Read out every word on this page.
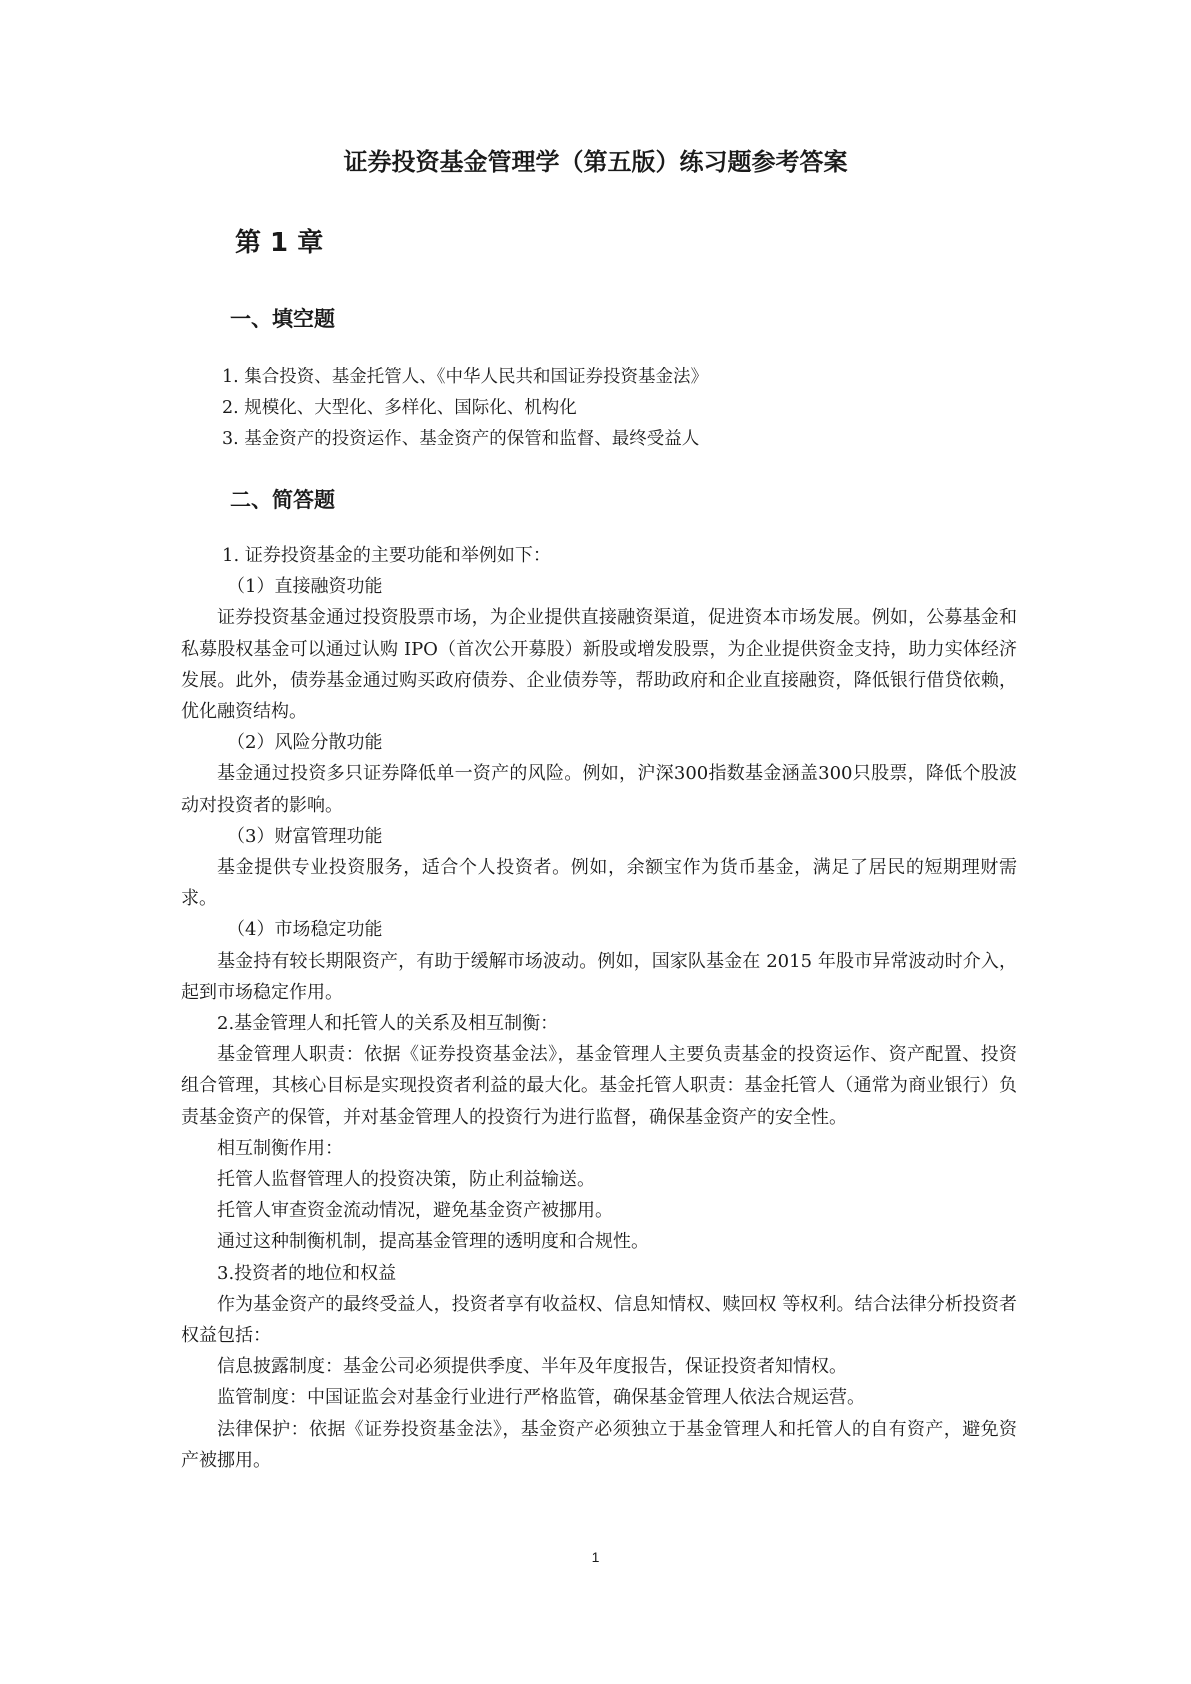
证券投资基金管理学（第五版）练习题参考答案
第 1 章
一、填空题
1. 集合投资、基金托管人、《中华人民共和国证券投资基金法》
2. 规模化、大型化、多样化、国际化、机构化
3. 基金资产的投资运作、基金资产的保管和监督、最终受益人
二、简答题

1. 证券投资基金的主要功能和举例如下：

（1）直接融资功能

证券投资基金通过投资股票市场，为企业提供直接融资渠道，促进资本市场发展。例如，公募基金和私募股权基金可以通过认购 IPO（首次公开募股）新股或增发股票，为企业提供资金支持，助力实体经济发展。此外，债券基金通过购买政府债券、企业债券等，帮助政府和企业直接融资，降低银行借贷依赖，优化融资结构。

（2）风险分散功能

基金通过投资多只证券降低单一资产的风险。例如，沪深300指数基金涵盖300只股票，降低个股波动对投资者的影响。

（3）财富管理功能

基金提供专业投资服务，适合个人投资者。例如，余额宝作为货币基金，满足了居民的短期理财需求。

（4）市场稳定功能

基金持有较长期限资产，有助于缓解市场波动。例如，国家队基金在 2015 年股市异常波动时介入，起到市场稳定作用。

2.基金管理人和托管人的关系及相互制衡：

基金管理人职责：依据《证券投资基金法》，基金管理人主要负责基金的投资运作、资产配置、投资组合管理，其核心目标是实现投资者利益的最大化。基金托管人职责：基金托管人（通常为商业银行）负责基金资产的保管，并对基金管理人的投资行为进行监督，确保基金资产的安全性。

相互制衡作用：

托管人监督管理人的投资决策，防止利益输送。

托管人审查资金流动情况，避免基金资产被挪用。

通过这种制衡机制，提高基金管理的透明度和合规性。

3.投资者的地位和权益

作为基金资产的最终受益人，投资者享有收益权、信息知情权、赎回权 等权利。结合法律分析投资者权益包括：

信息披露制度：基金公司必须提供季度、半年及年度报告，保证投资者知情权。

监管制度：中国证监会对基金行业进行严格监管，确保基金管理人依法合规运营。

法律保护：依据《证券投资基金法》，基金资产必须独立于基金管理人和托管人的自有资产，避免资产被挪用。

1
